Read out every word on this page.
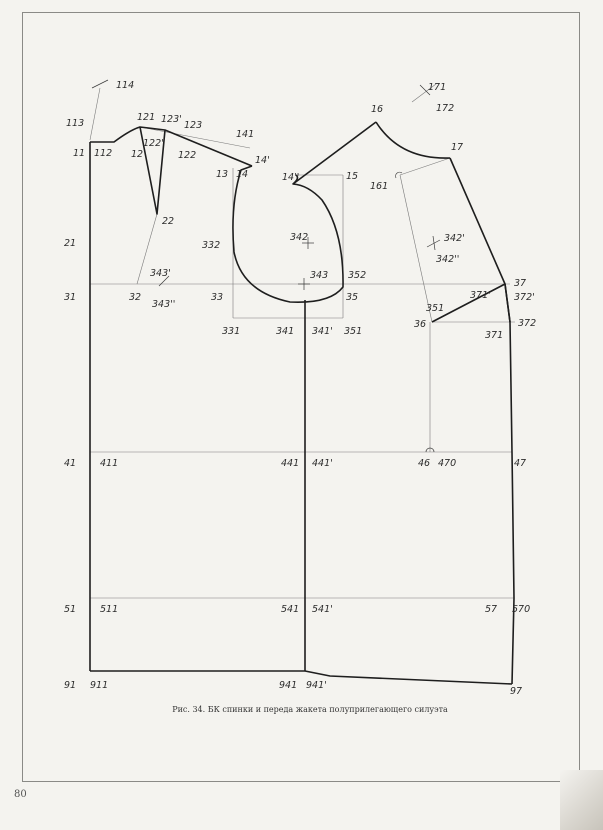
114
113
121 123'
123
141
16
171
172
17
11 112 12
122'
122
13 14
14'
14''	15
161
22
21	332
342	342'
342''
343 352
343'
343''
31	32	33	35
331	341 341' 351
37
371' 372'
351
36
371
372
41	411	441 441'	46 470	47
51	511	541 541'	57 570
91 911	941 941'
97
Рис. 34. БК спинки и переда жакета полуприлегающего силуэта
80
